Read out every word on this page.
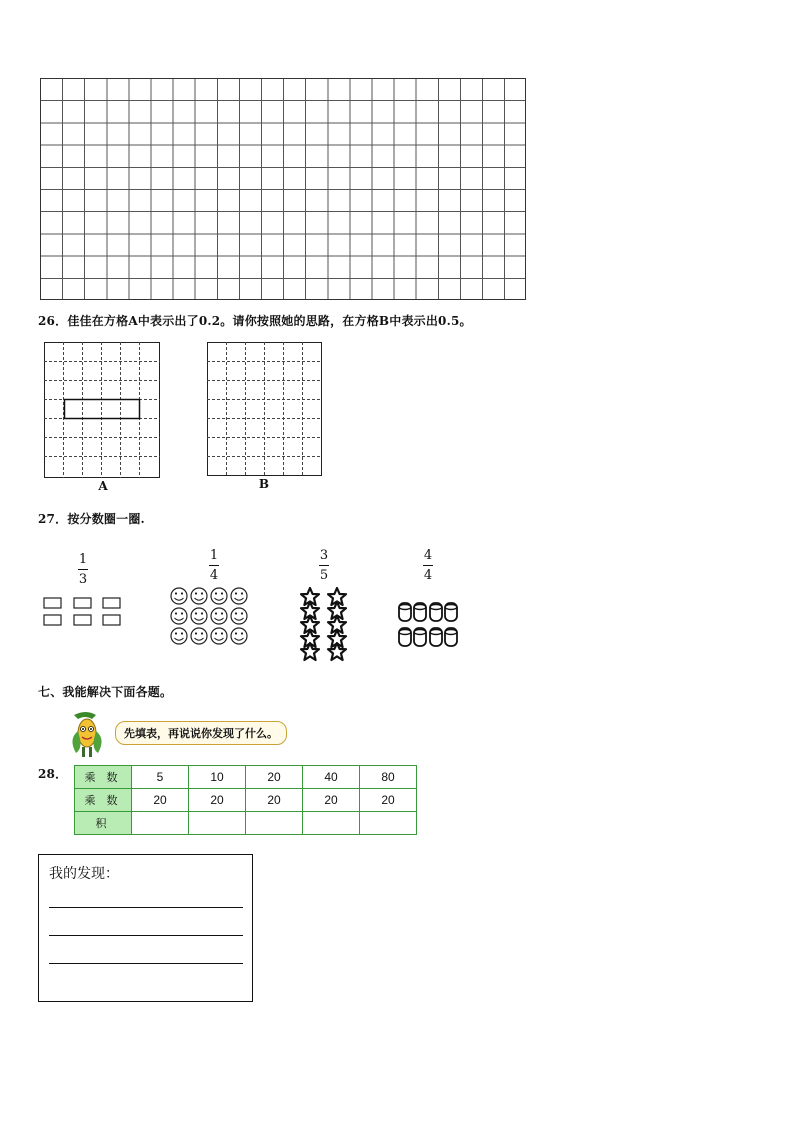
26．佳佳在方格A中表示出了0.2。请你按照她的思路，在方格B中表示出0.5。
A	B
27．按分数圈一圈.
1
3
1
4
3
5
4
4
七、我能解决下面各题。
先填表，再说说你发现了什么。
28． 乘 数	5	10	20	40	80
乘 数	20	20	20	20	20
积					
我的发现：
